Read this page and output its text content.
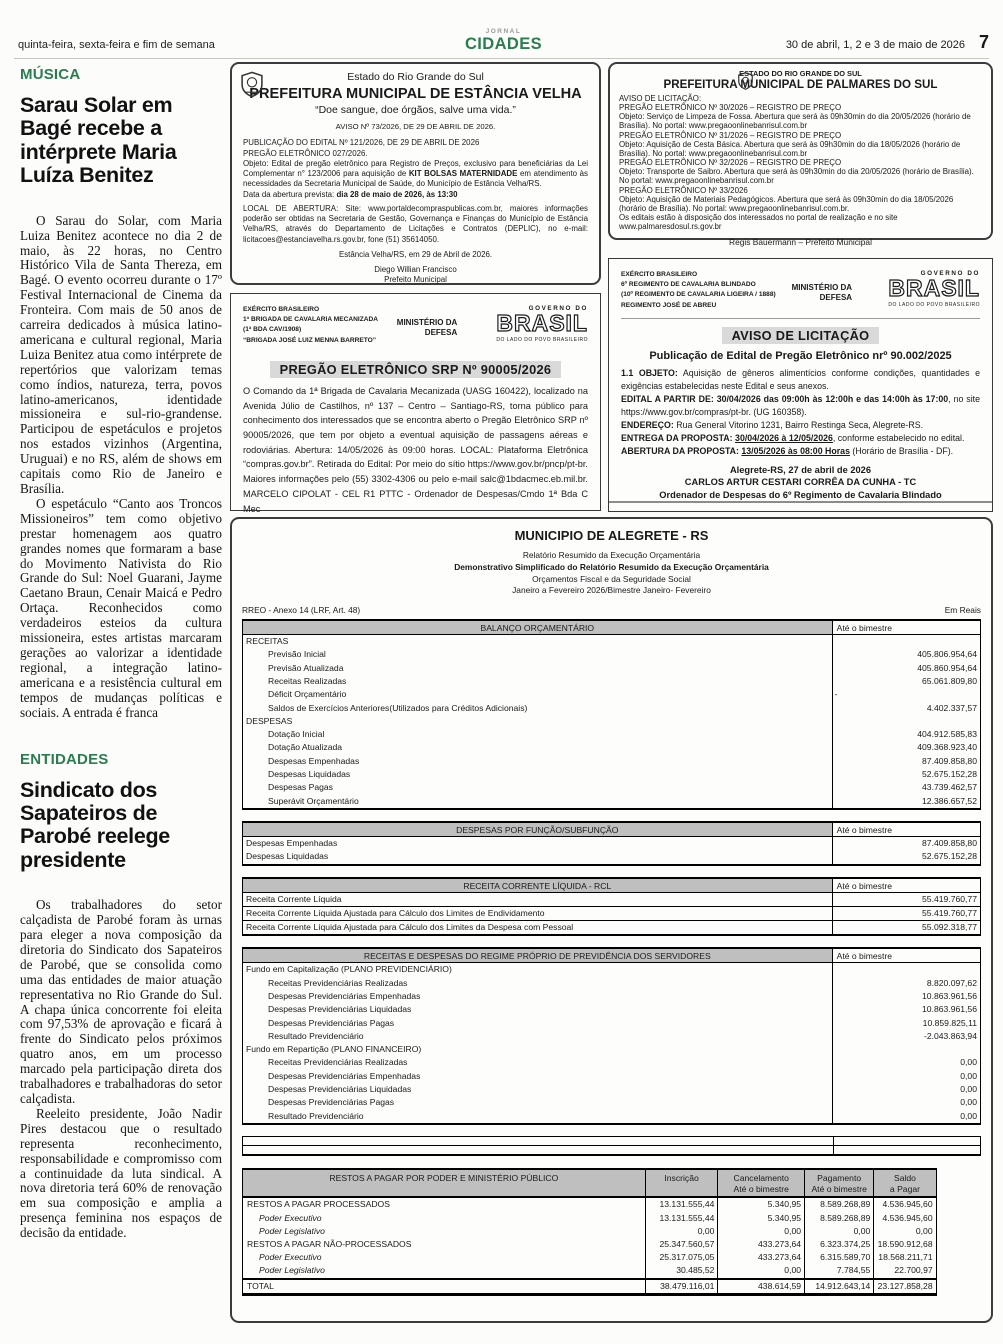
quinta-feira, sexta-feira e fim de semana
JORNAL
CIDADES	30 de abril, 1, 2 e 3 de maio de 2026 7
MÚSICA
Sarau Solar em Bagé recebe a intérprete Maria Luíza Benitez

O Sarau do Solar, com Maria Luiza Benitez acontece no dia 2 de maio, às 22 horas, no Centro Histórico Vila de Santa Thereza, em Bagé. O evento ocorreu durante o 17º Festival Internacional de Cinema da Fronteira. Com mais de 50 anos de carreira dedicados à música latino-americana e cultural regional, Maria Luiza Benitez atua como intérprete de repertórios que valorizam temas como índios, natureza, terra, povos latino-americanos, identidade missioneira e sul-rio-grandense. Participou de espetáculos e projetos nos estados vizinhos (Argentina, Uruguai) e no RS, além de shows em capitais como Rio de Janeiro e Brasília.

O espetáculo “Canto aos Troncos Missioneiros” tem como objetivo prestar homenagem aos quatro grandes nomes que formaram a base do Movimento Nativista do Rio Grande do Sul: Noel Guarani, Jayme Caetano Braun, Cenair Maicá e Pedro Ortaça. Reconhecidos como verdadeiros esteios da cultura missioneira, estes artistas marcaram gerações ao valorizar a identidade regional, a integração latino-americana e a resistência cultural em tempos de mudanças políticas e sociais. A entrada é franca

ENTIDADES
Sindicato dos Sapateiros de Parobé reelege presidente

Os trabalhadores do setor calçadista de Parobé foram às urnas para eleger a nova composição da diretoria do Sindicato dos Sapateiros de Parobé, que se consolida como uma das entidades de maior atuação representativa no Rio Grande do Sul. A chapa única concorrente foi eleita com 97,53% de aprovação e ficará à frente do Sindicato pelos próximos quatro anos, em um processo marcado pela participação direta dos trabalhadores e trabalhadoras do setor calçadista.

Reeleito presidente, João Nadir Pires destacou que o resultado representa reconhecimento, responsabilidade e compromisso com a continuidade da luta sindical. A nova diretoria terá 60% de renovação em sua composição e amplia a presença feminina nos espaços de decisão da entidade.

Estado do Rio Grande do Sul
PREFEITURA MUNICIPAL DE ESTÂNCIA VELHA
“Doe sangue, doe órgãos, salve uma vida.”
AVISO Nº 73/2026, DE 29 DE ABRIL DE 2026.
PUBLICAÇÃO DO EDITAL Nº 121/2026, DE 29 DE ABRIL DE 2026
PREGÃO ELETRÔNICO 027/2026.
Objeto: Edital de pregão eletrônico para Registro de Preços, exclusivo para beneficiárias da Lei Complementar n° 123/2006 para aquisição de KIT BOLSAS MATERNIDADE em atendimento às necessidades da Secretaria Municipal de Saúde, do Município de Estância Velha/RS.
Data da abertura prevista: dia 28 de maio de 2026, às 13:30
LOCAL DE ABERTURA: Site: www.portaldecompraspublicas.com.br, maiores informações poderão ser obtidas na Secretaria de Gestão, Governança e Finanças do Município de Estância Velha/RS, através do Departamento de Licitações e Contratos (DEPLIC), no e-mail: licitacoes@estanciavelha.rs.gov.br, fone (51) 35614050.
Estância Velha/RS, em 29 de Abril de 2026.
Diego Willian Francisco
Prefeito Municipal
EXÉRCITO BRASILEIRO
1ª BRIGADA DE CAVALARIA MECANIZADA
(1ª BDA CAV/1908)
“BRIGADA JOSÉ LUIZ MENNA BARRETO”
MINISTÉRIO DA
DEFESA
GOVERNO DO
BRASIL
DO LADO DO POVO BRASILEIRO
PREGÃO ELETRÔNICO SRP Nº 90005/2026
O Comando da 1ª Brigada de Cavalaria Mecanizada (UASG 160422), localizado na Avenida Júlio de Castilhos, nº 137 – Centro – Santiago-RS, torna público para conhecimento dos interessados que se encontra aberto o Pregão Eletrônico SRP nº 90005/2026, que tem por objeto a eventual aquisição de passagens aéreas e rodoviárias. Abertura: 14/05/2026 às 09:00 horas. LOCAL: Plataforma Eletrônica “compras.gov.br”. Retirada do Edital: Por meio do sítio https://www.gov.br/pncp/pt-br. Maiores informações pelo (55) 3302-4306 ou pelo e-mail salc@1bdacmec.eb.mil.br. MARCELO CIPOLAT - CEL R1 PTTC - Ordenador de Despesas/Cmdo 1ª Bda C Mec
ESTADO DO RIO GRANDE DO SUL
PREFEITURA MUNICIPAL DE PALMARES DO SUL
AVISO DE LICITAÇÃO:
PREGÃO ELETRÔNICO Nº 30/2026 – REGISTRO DE PREÇO
Objeto: Serviço de Limpeza de Fossa. Abertura que será às 09h30min do dia 20/05/2026 (horário de Brasília). No portal: www.pregaoonlinebanrisul.com.br
PREGÃO ELETRÔNICO Nº 31/2026 – REGISTRO DE PREÇO
Objeto: Aquisição de Cesta Básica. Abertura que será às 09h30min do dia 18/05/2026 (horário de Brasília). No portal: www.pregaoonlinebanrisul.com.br
PREGÃO ELETRÔNICO Nº 32/2026 – REGISTRO DE PREÇO
Objeto: Transporte de Saibro. Abertura que será às 09h30min do dia 20/05/2026 (horário de Brasília). No portal: www.pregaoonlinebanrisul.com.br
PREGÃO ELETRÔNICO Nº 33/2026
Objeto: Aquisição de Materiais Pedagógicos. Abertura que será às 09h30min do dia 18/05/2026 (horário de Brasília). No portal: www.pregaoonlinebanrisul.com.br.
Os editais estão à disposição dos interessados no portal de realização e no site www.palmaresdosul.rs.gov.br
Regis Bauermann – Prefeito Municipal
EXÉRCITO BRASILEIRO
6º REGIMENTO DE CAVALARIA BLINDADO
(10º REGIMENTO DE CAVALARIA LIGEIRA / 1888)
REGIMENTO JOSÉ DE ABREU
MINISTÉRIO DA
DEFESA
GOVERNO DO
BRASIL
DO LADO DO POVO BRASILEIRO
AVISO DE LICITAÇÃO
Publicação de Edital de Pregão Eletrônico nrº 90.002/2025

1.1 OBJETO: Aquisição de gêneros alimentícios conforme condições, quantidades e exigências estabelecidas neste Edital e seus anexos.

EDITAL A PARTIR DE: 30/04/2026 das 09:00h às 12:00h e das 14:00h às 17:00, no site https://www.gov.br/compras/pt-br. (UG 160358).

ENDEREÇO: Rua General Vitorino 1231, Bairro Restinga Seca, Alegrete-RS.

ENTREGA DA PROPOSTA: 30/04/2026 à 12/05/2026, conforme estabelecido no edital.

ABERTURA DA PROPOSTA: 13/05/2026 às 08:00 Horas (Horário de Brasília - DF).

Alegrete-RS, 27 de abril de 2026
CARLOS ARTUR CESTARI CORRÊA DA CUNHA - TC
Ordenador de Despesas do 6º Regimento de Cavalaria Blindado
MUNICIPIO DE ALEGRETE - RS
Relatório Resumido da Execução Orçamentária
Demonstrativo Simplificado do Relatório Resumido da Execução Orçamentária
Orçamentos Fiscal e da Seguridade Social
Janeiro a Fevereiro 2026/Bimestre Janeiro- Fevereiro
RREO - Anexo 14 (LRF, Art. 48)	Em Reais
BALANÇO ORÇAMENTÁRIO	Até o bimestre
RECEITAS
Previsão Inicial	405.806.954,64
Previsão Atualizada	405.860.954,64
Receitas Realizadas	65.061.809,80
Déficit Orçamentário	-
Saldos de Exercícios Anteriores(Utilizados para Créditos Adicionais)	4.402.337,57
DESPESAS
Dotação Inicial	404.912.585,83
Dotação Atualizada	409.368.923,40
Despesas Empenhadas	87.409.858,80
Despesas Liquidadas	52.675.152,28
Despesas Pagas	43.739.462,57
Superávit Orçamentário	12.386.657,52
DESPESAS POR FUNÇÃO/SUBFUNÇÃO	Até o bimestre
Despesas Empenhadas	87.409.858,80
Despesas Liquidadas	52.675.152,28
RECEITA CORRENTE LÍQUIDA - RCL	Até o bimestre
Receita Corrente Líquida	55.419.760,77
Receita Corrente Líquida Ajustada para Cálculo dos Limites de Endividamento	55.419.760,77
Receita Corrente Líquida Ajustada para Cálculo dos Limites da Despesa com Pessoal	55.092.318,77
RECEITAS E DESPESAS DO REGIME PRÓPRIO DE PREVIDÊNCIA DOS SERVIDORES	Até o bimestre
Fundo em Capitalização (PLANO PREVIDENCIÁRIO)
Receitas Previdenciárias Realizadas	8.820.097,62
Despesas Previdenciárias Empenhadas	10.863.961,56
Despesas Previdenciárias Liquidadas	10.863.961,56
Despesas Previdenciárias Pagas	10.859.825,11
Resultado Previdenciário	-2.043.863,94
Fundo em Repartição (PLANO FINANCEIRO)
Receitas Previdenciárias Realizadas	0,00
Despesas Previdenciárias Empenhadas	0,00
Despesas Previdenciárias Liquidadas	0,00
Despesas Previdenciárias Pagas	0,00
Resultado Previdenciário	0,00
RESTOS A PAGAR POR PODER E MINISTÉRIO PÚBLICO	Inscrição	Cancelamento
Até o bimestre
Pagamento
Até o bimestre
Saldo
a Pagar
RESTOS A PAGAR PROCESSADOS	13.131.555,44	5.340,95	8.589.268,89	4.536.945,60
Poder Executivo	13.131.555,44	5.340,95	8.589.268,89	4.536.945,60
Poder Legislativo	0,00	0,00	0,00	0,00
RESTOS A PAGAR NÃO-PROCESSADOS	25.347.560,57	433.273,64	6.323.374,25 18.590.912,68
Poder Executivo	25.317.075,05	433.273,64	6.315.589,70 18.568.211,71
Poder Legislativo	30.485,52	0,00	7.784,55	22.700,97
TOTAL	38.479.116,01	438.614,59	14.912.643,14 23.127.858,28
